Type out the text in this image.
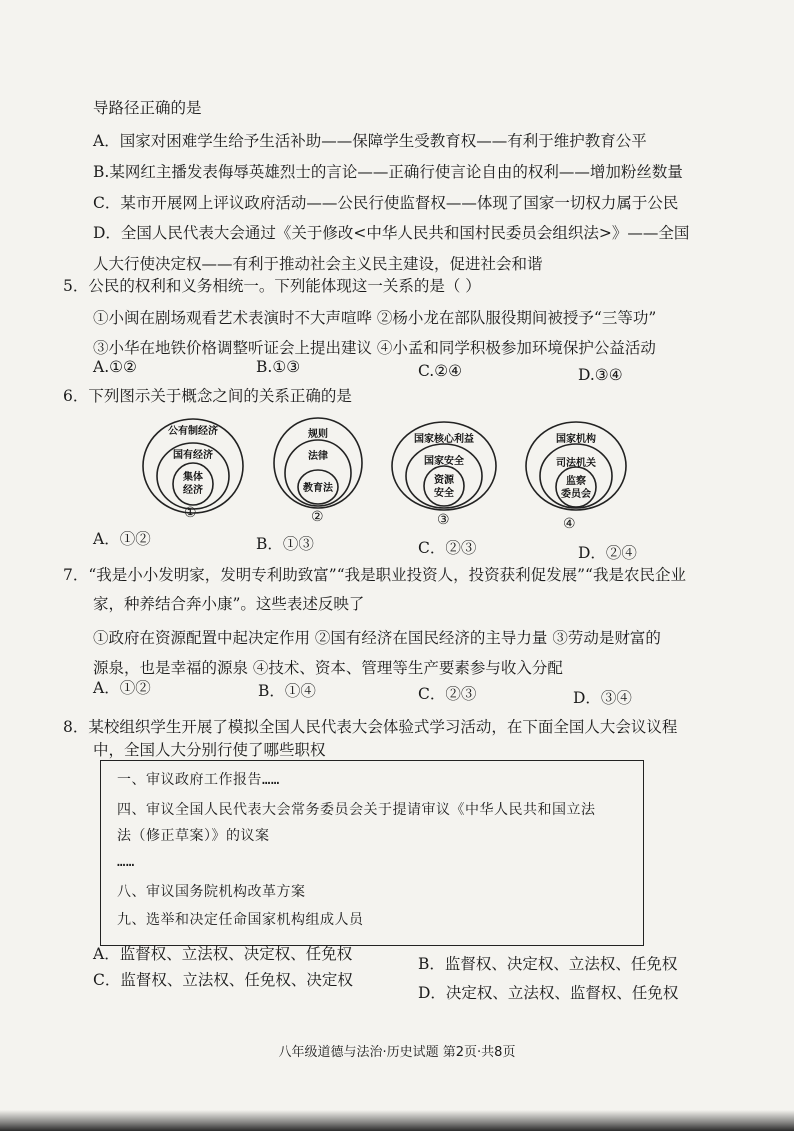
导路径正确的是
A．国家对困难学生给予生活补助——保障学生受教育权——有利于维护教育公平
B.某网红主播发表侮辱英雄烈士的言论——正确行使言论自由的权利——增加粉丝数量
C．某市开展网上评议政府活动——公民行使监督权——体现了国家一切权力属于公民
D．全国人民代表大会通过《关于修改<中华人民共和国村民委员会组织法>》——全国
人大行使决定权——有利于推动社会主义民主建设，促进社会和谐
5．公民的权利和义务相统一。下列能体现这一关系的是（ ）
①小闽在剧场观看艺术表演时不大声喧哗 ②杨小龙在部队服役期间被授予“三等功”
③小华在地铁价格调整听证会上提出建议 ④小孟和同学积极参加环境保护公益活动
A.①②	B.①③	C.②④	D.③④
6．下列图示关于概念之间的关系正确的是
公有制经济
国有经济
集体
经济
①
规则
法律
教育法
②
国家核心利益
国家安全
资源
安全
③
国家机构
司法机关
监察
委员会
④
A．①②	B．①③	C．②③	D．②④
7．“我是小小发明家，发明专利助致富”“我是职业投资人，投资获利促发展”“我是农民企业
家，种养结合奔小康”。这些表述反映了
①政府在资源配置中起决定作用 ②国有经济在国民经济的主导力量 ③劳动是财富的
源泉，也是幸福的源泉 ④技术、资本、管理等生产要素参与收入分配
A．①②	B．①④	C．②③	D．③④
8．某校组织学生开展了模拟全国人民代表大会体验式学习活动，在下面全国人大会议议程
中，全国人大分别行使了哪些职权
一、审议政府工作报告……
四、审议全国人民代表大会常务委员会关于提请审议《中华人民共和国立法
法（修正草案）》的议案
……
八、审议国务院机构改革方案
九、选举和决定任命国家机构组成人员
A．监督权、立法权、决定权、任免权
B．监督权、决定权、立法权、任免权
C．监督权、立法权、任免权、决定权
D．决定权、立法权、监督权、任免权
八年级道德与法治·历史试题 第2页·共8页
